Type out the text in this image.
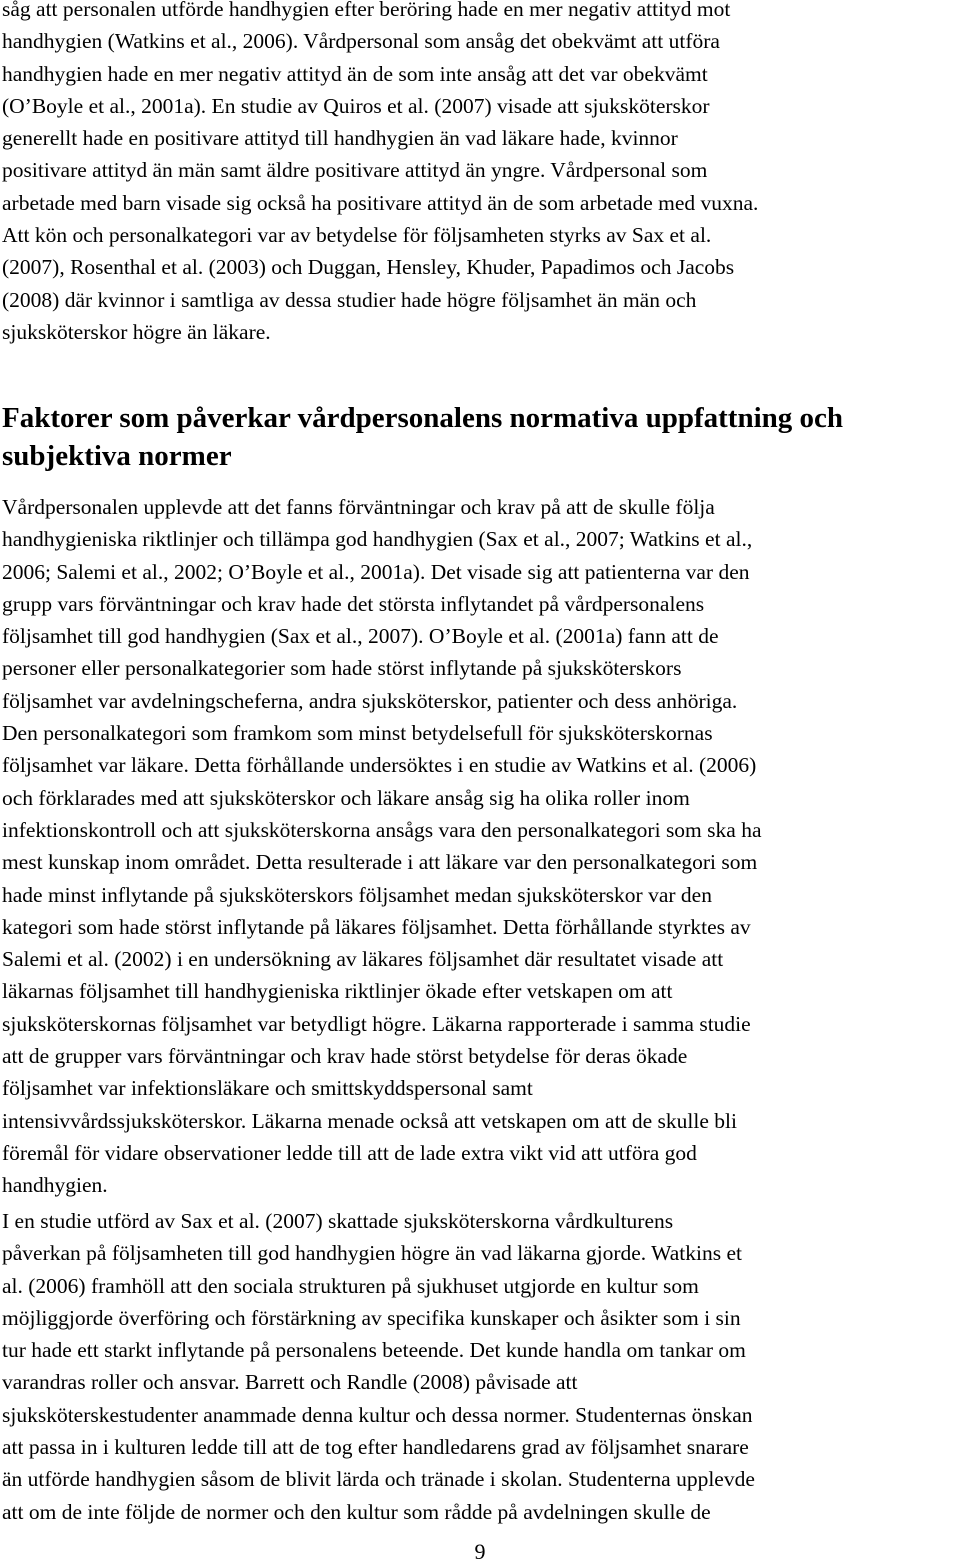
såg att personalen utförde handhygien efter beröring hade en mer negativ attityd mot
handhygien (Watkins et al., 2006). Vårdpersonal som ansåg det obekvämt att utföra
handhygien hade en mer negativ attityd än de som inte ansåg att det var obekvämt
(O’Boyle et al., 2001a). En studie av Quiros et al. (2007) visade att sjuksköterskor
generellt hade en positivare attityd till handhygien än vad läkare hade, kvinnor
positivare attityd än män samt äldre positivare attityd än yngre. Vårdpersonal som
arbetade med barn visade sig också ha positivare attityd än de som arbetade med vuxna.
Att kön och personalkategori var av betydelse för följsamheten styrks av Sax et al.
(2007), Rosenthal et al. (2003) och Duggan, Hensley, Khuder, Papadimos och Jacobs
(2008) där kvinnor i samtliga av dessa studier hade högre följsamhet än män och
sjuksköterskor högre än läkare.
Faktorer som påverkar vårdpersonalens normativa uppfattning och
subjektiva normer
Vårdpersonalen upplevde att det fanns förväntningar och krav på att de skulle följa
handhygieniska riktlinjer och tillämpa god handhygien (Sax et al., 2007; Watkins et al.,
2006; Salemi et al., 2002; O’Boyle et al., 2001a). Det visade sig att patienterna var den
grupp vars förväntningar och krav hade det största inflytandet på vårdpersonalens
följsamhet till god handhygien (Sax et al., 2007). O’Boyle et al. (2001a) fann att de
personer eller personalkategorier som hade störst inflytande på sjuksköterskors
följsamhet var avdelningscheferna, andra sjuksköterskor, patienter och dess anhöriga.
Den personalkategori som framkom som minst betydelsefull för sjuksköterskornas
följsamhet var läkare. Detta förhållande undersöktes i en studie av Watkins et al. (2006)
och förklarades med att sjuksköterskor och läkare ansåg sig ha olika roller inom
infektionskontroll och att sjuksköterskorna ansågs vara den personalkategori som ska ha
mest kunskap inom området. Detta resulterade i att läkare var den personalkategori som
hade minst inflytande på sjuksköterskors följsamhet medan sjuksköterskor var den
kategori som hade störst inflytande på läkares följsamhet. Detta förhållande styrktes av
Salemi et al. (2002) i en undersökning av läkares följsamhet där resultatet visade att
läkarnas följsamhet till handhygieniska riktlinjer ökade efter vetskapen om att
sjuksköterskornas följsamhet var betydligt högre. Läkarna rapporterade i samma studie
att de grupper vars förväntningar och krav hade störst betydelse för deras ökade
följsamhet var infektionsläkare och smittskyddspersonal samt
intensivvårdssjuksköterskor. Läkarna menade också att vetskapen om att de skulle bli
föremål för vidare observationer ledde till att de lade extra vikt vid att utföra god
handhygien.
I en studie utförd av Sax et al. (2007) skattade sjuksköterskorna vårdkulturens
påverkan på följsamheten till god handhygien högre än vad läkarna gjorde. Watkins et
al. (2006) framhöll att den sociala strukturen på sjukhuset utgjorde en kultur som
möjliggjorde överföring och förstärkning av specifika kunskaper och åsikter som i sin
tur hade ett starkt inflytande på personalens beteende. Det kunde handla om tankar om
varandras roller och ansvar. Barrett och Randle (2008) påvisade att
sjuksköterskestudenter anammade denna kultur och dessa normer. Studenternas önskan
att passa in i kulturen ledde till att de tog efter handledarens grad av följsamhet snarare
än utförde handhygien såsom de blivit lärda och tränade i skolan. Studenterna upplevde
att om de inte följde de normer och den kultur som rådde på avdelningen skulle de
9
